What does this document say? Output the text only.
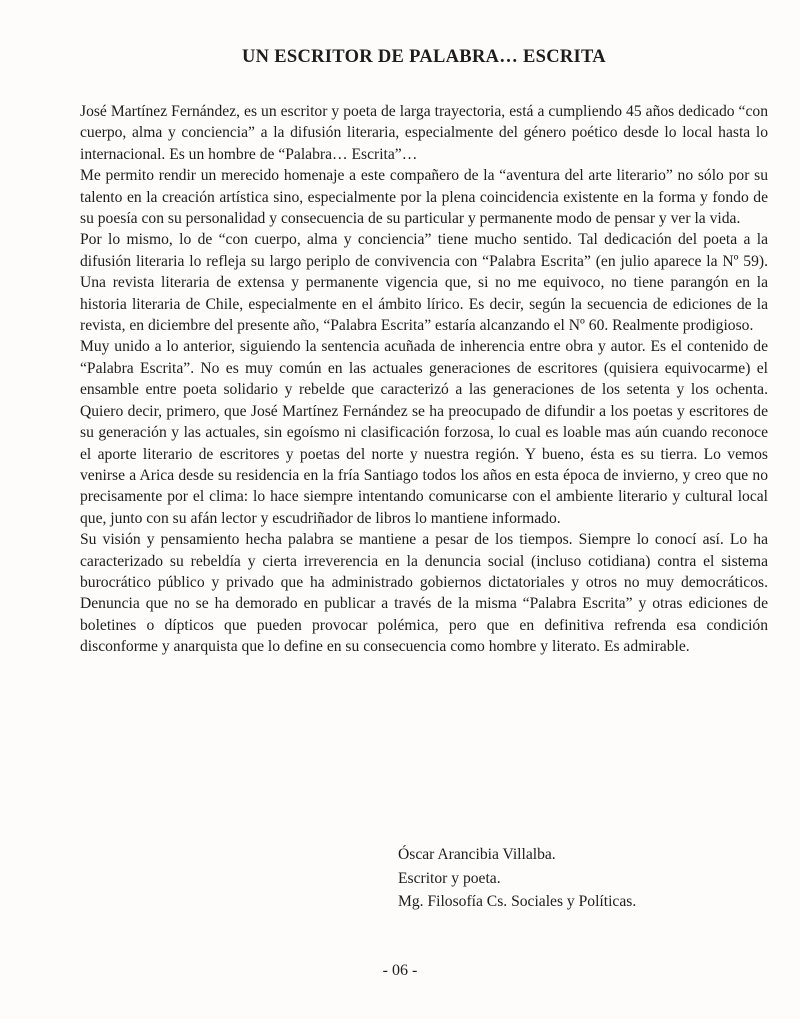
UN ESCRITOR DE PALABRA… ESCRITA

José Martínez Fernández, es un escritor y poeta de larga trayectoria, está a cumpliendo 45 años dedicado “con cuerpo, alma y conciencia” a la difusión literaria, especialmente del género poético desde lo local hasta lo internacional. Es un hombre de “Palabra… Escrita”…

Me permito rendir un merecido homenaje a este compañero de la “aventura del arte literario” no sólo por su talento en la creación artística sino, especialmente por la plena coincidencia existente en la forma y fondo de su poesía con su personalidad y consecuencia de su particular y permanente modo de pensar y ver la vida.

Por lo mismo, lo de “con cuerpo, alma y conciencia” tiene mucho sentido. Tal dedicación del poeta a la difusión literaria lo refleja su largo periplo de convivencia con “Palabra Escrita” (en julio aparece la Nº 59). Una revista literaria de extensa y permanente vigencia que, si no me equivoco, no tiene parangón en la historia literaria de Chile, especialmente en el ámbito lírico. Es decir, según la secuencia de ediciones de la revista, en diciembre del presente año, “Palabra Escrita” estaría alcanzando el Nº 60. Realmente prodigioso.

Muy unido a lo anterior, siguiendo la sentencia acuñada de inherencia entre obra y autor. Es el contenido de “Palabra Escrita”. No es muy común en las actuales generaciones de escritores (quisiera equivocarme) el ensamble entre poeta solidario y rebelde que caracterizó a las generaciones de los setenta y los ochenta. Quiero decir, primero, que José Martínez Fernández se ha preocupado de difundir a los poetas y escritores de su generación y las actuales, sin egoísmo ni clasificación forzosa, lo cual es loable mas aún cuando reconoce el aporte literario de escritores y poetas del norte y nuestra región. Y bueno, ésta es su tierra. Lo vemos venirse a Arica desde su residencia en la fría Santiago todos los años en esta época de invierno, y creo que no precisamente por el clima: lo hace siempre intentando comunicarse con el ambiente literario y cultural local que, junto con su afán lector y escudriñador de libros lo mantiene informado.

Su visión y pensamiento hecha palabra se mantiene a pesar de los tiempos. Siempre lo conocí así. Lo ha caracterizado su rebeldía y cierta irreverencia en la denuncia social (incluso cotidiana) contra el sistema burocrático público y privado que ha administrado gobiernos dictatoriales y otros no muy democráticos. Denuncia que no se ha demorado en publicar a través de la misma “Palabra Escrita” y otras ediciones de boletines o dípticos que pueden provocar polémica, pero que en definitiva refrenda esa condición disconforme y anarquista que lo define en su consecuencia como hombre y literato. Es admirable.

Óscar Arancibia Villalba.
Escritor y poeta.
Mg. Filosofía Cs. Sociales y Políticas.
- 06 -
